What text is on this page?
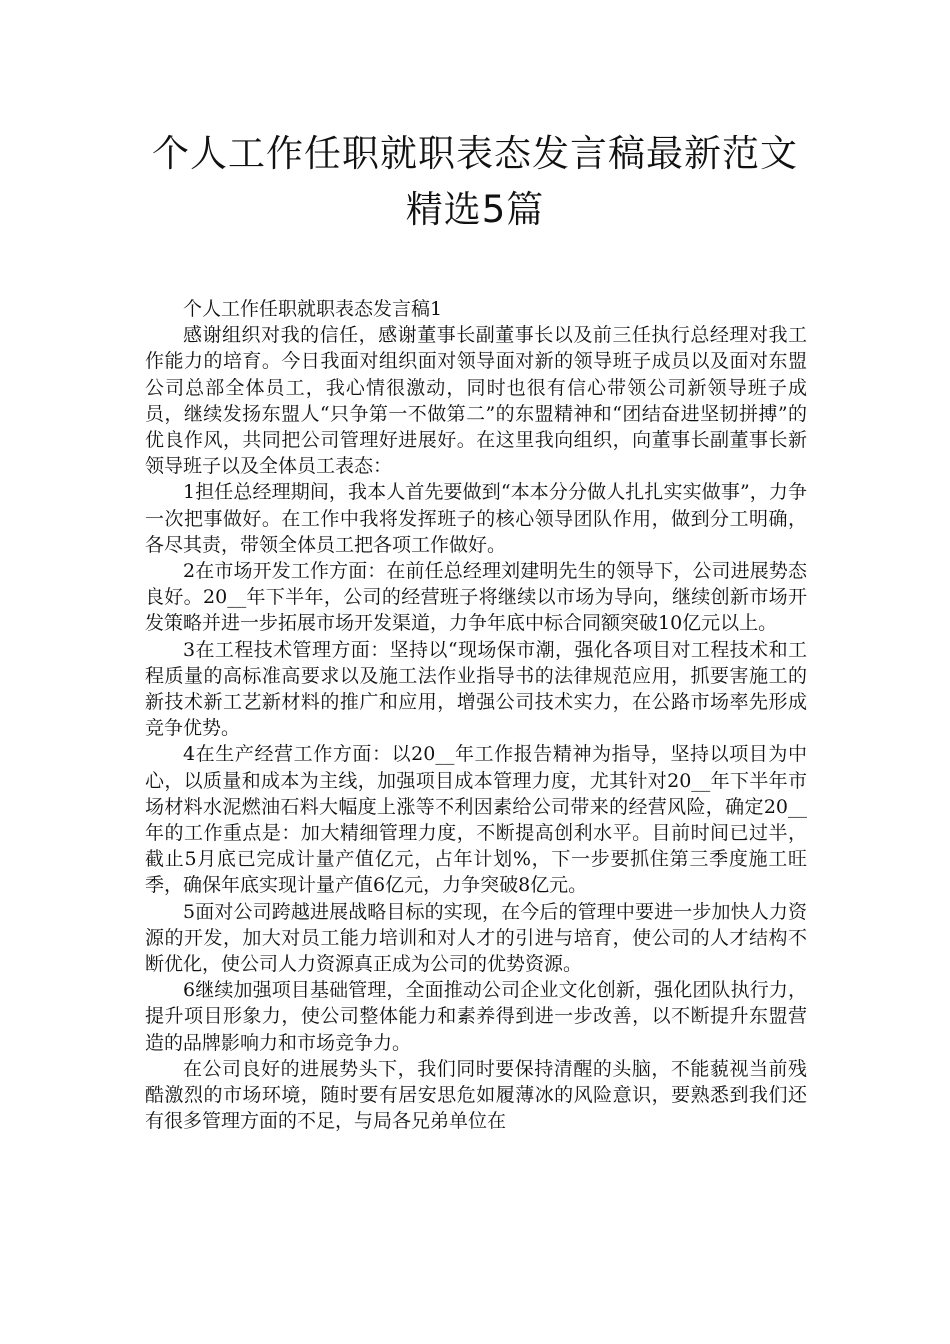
个人工作任职就职表态发言稿最新范文
精选5篇

个人工作任职就职表态发言稿1

感谢组织对我的信任，感谢董事长副董事长以及前三任执行总经理对我工作能力的培育。今日我面对组织面对领导面对新的领导班子成员以及面对东盟公司总部全体员工，我心情很激动，同时也很有信心带领公司新领导班子成员，继续发扬东盟人“只争第一不做第二”的东盟精神和“团结奋进坚韧拼搏”的优良作风，共同把公司管理好进展好。在这里我向组织，向董事长副董事长新领导班子以及全体员工表态：

1担任总经理期间，我本人首先要做到“本本分分做人扎扎实实做事”，力争一次把事做好。在工作中我将发挥班子的核心领导团队作用，做到分工明确，各尽其责，带领全体员工把各项工作做好。

2在市场开发工作方面：在前任总经理刘建明先生的领导下，公司进展势态良好。20__年下半年，公司的经营班子将继续以市场为导向，继续创新市场开发策略并进一步拓展市场开发渠道，力争年底中标合同额突破10亿元以上。

3在工程技术管理方面：坚持以“现场保市潮，强化各项目对工程技术和工程质量的高标准高要求以及施工法作业指导书的法律规范应用，抓要害施工的新技术新工艺新材料的推广和应用，增强公司技术实力，在公路市场率先形成竞争优势。

4在生产经营工作方面：以20__年工作报告精神为指导，坚持以项目为中心，以质量和成本为主线，加强项目成本管理力度，尤其针对20__年下半年市场材料水泥燃油石料大幅度上涨等不利因素给公司带来的经营风险，确定20__年的工作重点是：加大精细管理力度，不断提高创利水平。目前时间已过半，截止5月底已完成计量产值亿元，占年计划%，下一步要抓住第三季度施工旺季，确保年底实现计量产值6亿元，力争突破8亿元。

5面对公司跨越进展战略目标的实现，在今后的管理中要进一步加快人力资源的开发，加大对员工能力培训和对人才的引进与培育，使公司的人才结构不断优化，使公司人力资源真正成为公司的优势资源。

6继续加强项目基础管理，全面推动公司企业文化创新，强化团队执行力，提升项目形象力，使公司整体能力和素养得到进一步改善，以不断提升东盟营造的品牌影响力和市场竞争力。

在公司良好的进展势头下，我们同时要保持清醒的头脑，不能藐视当前残酷激烈的市场环境，随时要有居安思危如履薄冰的风险意识，要熟悉到我们还有很多管理方面的不足，与局各兄弟单位在
